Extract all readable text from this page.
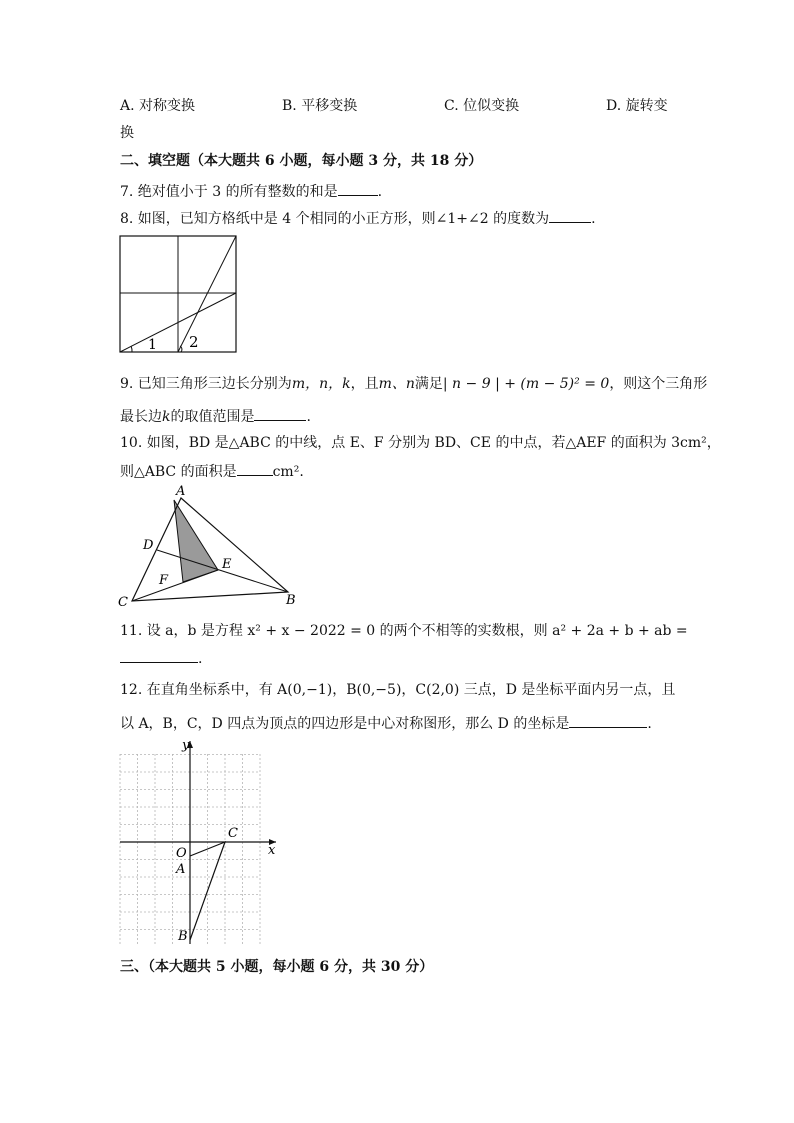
A. 对称变换	B. 平移变换	C. 位似变换	D. 旋转变
换
二、填空题（本大题共 6 小题，每小题 3 分，共 18 分）
7. 绝对值小于 3 的所有整数的和是	.
8. 如图，已知方格纸中是 4 个相同的小正方形，则∠1+∠2 的度数为	.
1 2
9. 已知三角形三边长分别为m，n，k，且m、n满足| n − 9 | + (m − 5)² = 0，则这个三角形
最长边k的取值范围是	.
10. 如图，BD 是△ABC 的中线，点 E、F 分别为 BD、CE 的中点，若△AEF 的面积为 3cm²，
则△ABC 的面积是	cm².
A
B
C
D
E
F
11. 设 a，b 是方程 x² + x − 2022 = 0 的两个不相等的实数根，则 a² + 2a + b + ab =
.
12. 在直角坐标系中，有 A(0,−1)，B(0,−5)，C(2,0) 三点，D 是坐标平面内另一点，且
以 A，B，C，D 四点为顶点的四边形是中心对称图形，那么 D 的坐标是	.
x
y
O
A
B
C
三、（本大题共 5 小题，每小题 6 分，共 30 分）
